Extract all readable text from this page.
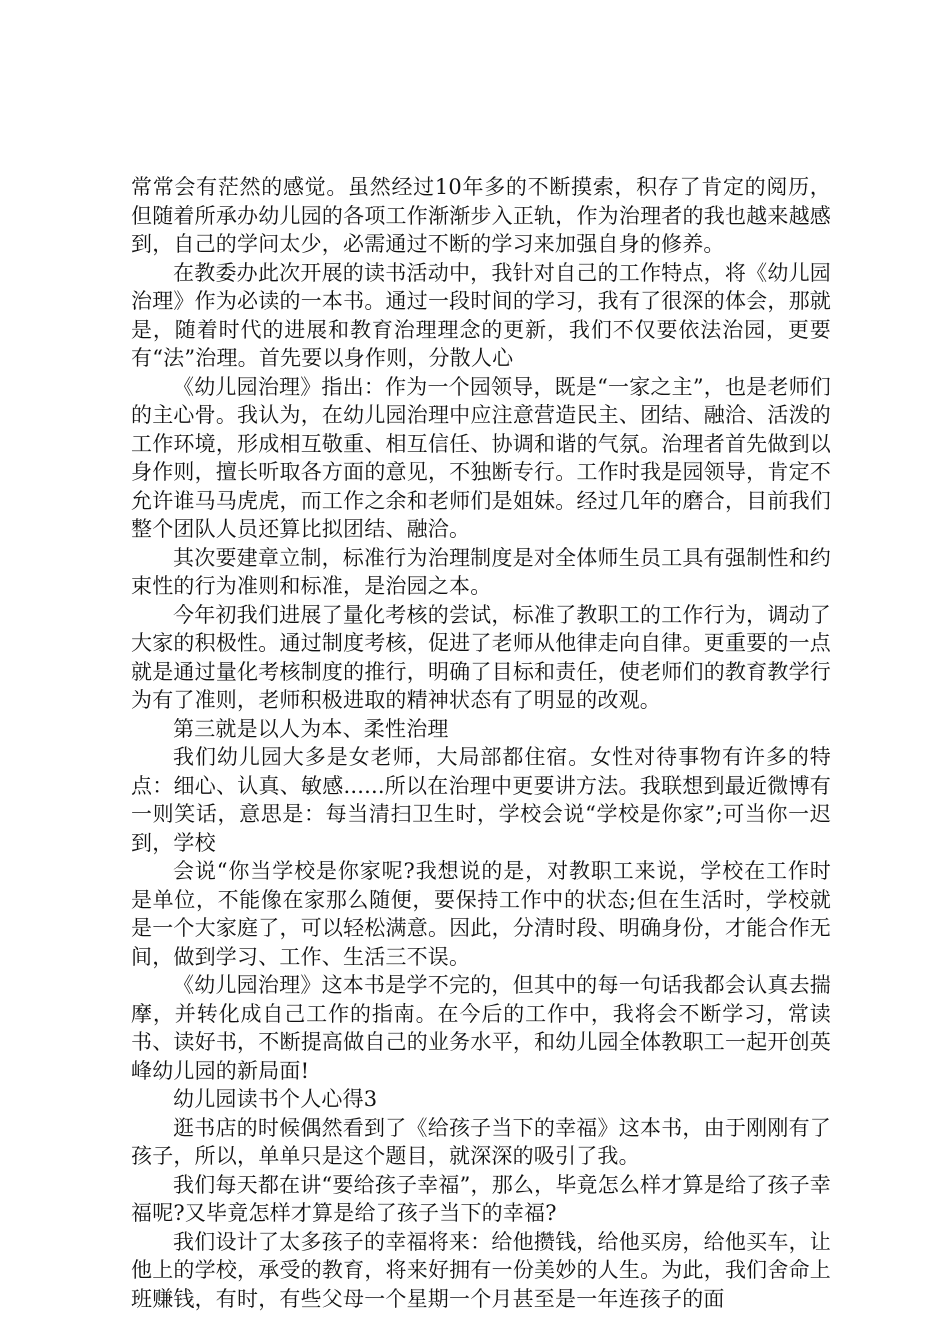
常常会有茫然的感觉。虽然经过10年多的不断摸索，积存了肯定的阅历，但随着所承办幼儿园的各项工作渐渐步入正轨，作为治理者的我也越来越感到，自己的学问太少，必需通过不断的学习来加强自身的修养。

在教委办此次开展的读书活动中，我针对自己的工作特点，将《幼儿园治理》作为必读的一本书。通过一段时间的学习，我有了很深的体会，那就是，随着时代的进展和教育治理理念的更新，我们不仅要依法治园，更要有“法”治理。首先要以身作则，分散人心

《幼儿园治理》指出：作为一个园领导，既是“一家之主”，也是老师们的主心骨。我认为，在幼儿园治理中应注意营造民主、团结、融洽、活泼的工作环境，形成相互敬重、相互信任、协调和谐的气氛。治理者首先做到以身作则，擅长听取各方面的意见，不独断专行。工作时我是园领导，肯定不允许谁马马虎虎，而工作之余和老师们是姐妹。经过几年的磨合，目前我们整个团队人员还算比拟团结、融洽。

其次要建章立制，标准行为治理制度是对全体师生员工具有强制性和约束性的行为准则和标准，是治园之本。

今年初我们进展了量化考核的尝试，标准了教职工的工作行为，调动了大家的积极性。通过制度考核，促进了老师从他律走向自律。更重要的一点就是通过量化考核制度的推行，明确了目标和责任，使老师们的教育教学行为有了准则，老师积极进取的精神状态有了明显的改观。

第三就是以人为本、柔性治理

我们幼儿园大多是女老师，大局部都住宿。女性对待事物有许多的特点：细心、认真、敏感......所以在治理中更要讲方法。我联想到最近微博有一则笑话，意思是：每当清扫卫生时，学校会说“学校是你家”;可当你一迟到，学校

会说“你当学校是你家呢?我想说的是，对教职工来说，学校在工作时是单位，不能像在家那么随便，要保持工作中的状态;但在生活时，学校就是一个大家庭了，可以轻松满意。因此，分清时段、明确身份，才能合作无间，做到学习、工作、生活三不误。

《幼儿园治理》这本书是学不完的，但其中的每一句话我都会认真去揣摩，并转化成自己工作的指南。在今后的工作中，我将会不断学习，常读书、读好书，不断提高做自己的业务水平，和幼儿园全体教职工一起开创英峰幼儿园的新局面!

幼儿园读书个人心得3

逛书店的时候偶然看到了《给孩子当下的幸福》这本书，由于刚刚有了孩子，所以，单单只是这个题目，就深深的吸引了我。

我们每天都在讲“要给孩子幸福”，那么，毕竟怎么样才算是给了孩子幸福呢?又毕竟怎样才算是给了孩子当下的幸福?

我们设计了太多孩子的幸福将来：给他攒钱，给他买房，给他买车，让他上的学校，承受的教育，将来好拥有一份美妙的人生。为此，我们舍命上班赚钱，有时，有些父母一个星期一个月甚至是一年连孩子的面
